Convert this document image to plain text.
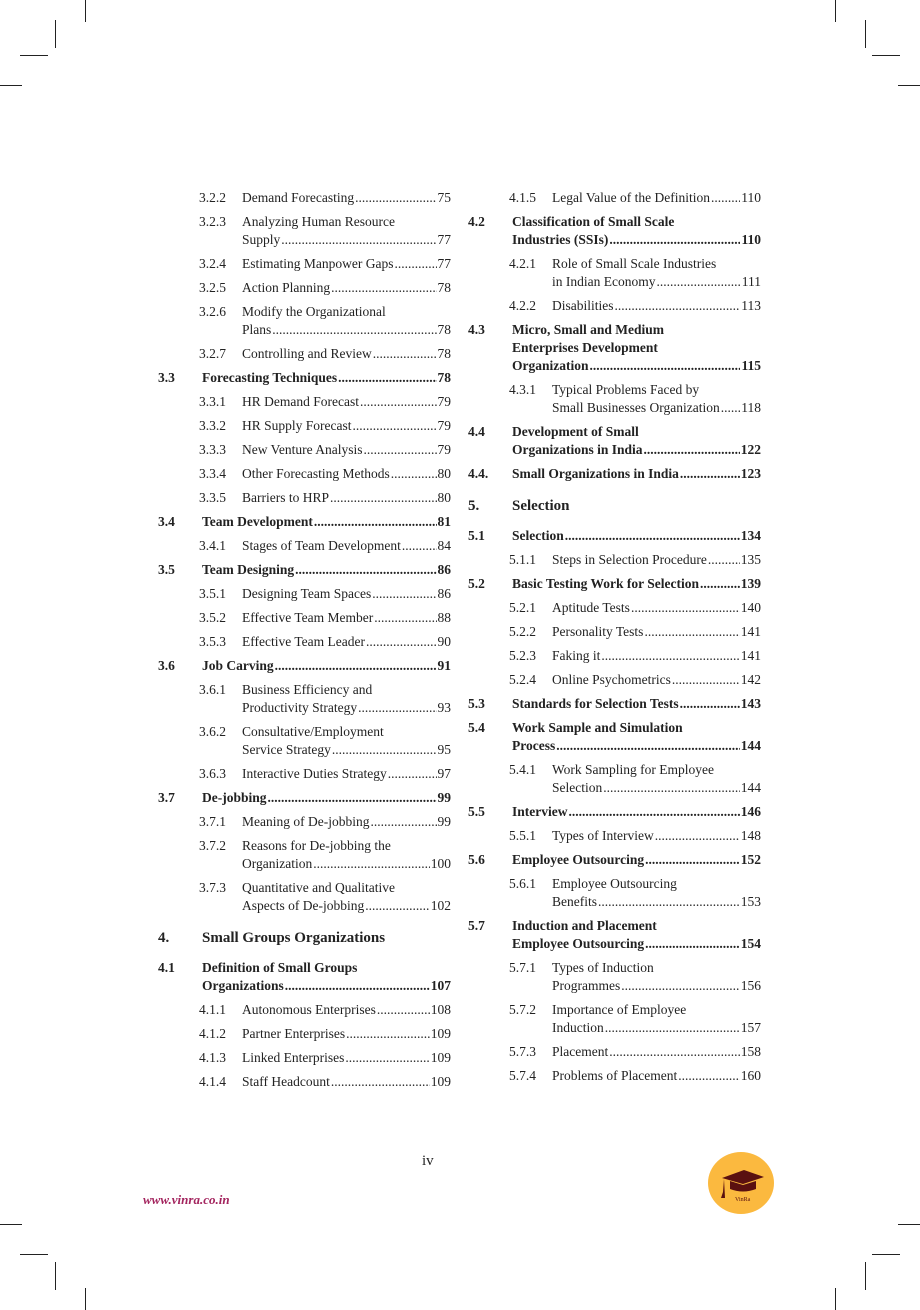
3.2.2	Demand Forecasting .....	75
3.2.3	Analyzing Human Resource
Supply .....	77
3.2.4	Estimating Manpower Gaps .....	77
3.2.5	Action Planning .....	78
3.2.6	Modify the Organizational
Plans .....	78
3.2.7	Controlling and Review .....	78
3.3	Forecasting Techniques .....	78
3.3.1	HR Demand Forecast .....	79
3.3.2	HR Supply Forecast .....	79
3.3.3	New Venture Analysis .....	79
3.3.4	Other Forecasting Methods .....	80
3.3.5	Barriers to HRP .....	80
3.4	Team Development .....	81
3.4.1	Stages of Team Development .....	84
3.5	Team Designing .....	86
3.5.1	Designing Team Spaces .....	86
3.5.2	Effective Team Member .....	88
3.5.3	Effective Team Leader .....	90
3.6	Job Carving .....	91
3.6.1	Business Efficiency and
Productivity Strategy .....	93
3.6.2	Consultative/Employment
Service Strategy .....	95
3.6.3	Interactive Duties Strategy .....	97
3.7	De-jobbing .....	99
3.7.1	Meaning of De-jobbing .....	99
3.7.2	Reasons for De-jobbing the
Organization .....	100
3.7.3	Quantitative and Qualitative
Aspects of De-jobbing .....	102
4.	Small Groups Organizations
4.1	Definition of Small Groups
Organizations .....	107
4.1.1	Autonomous Enterprises .....	108
4.1.2	Partner Enterprises .....	109
4.1.3	Linked Enterprises .....	109
4.1.4	Staff Headcount .....	109
4.1.5	Legal Value of the Definition ..... 110
4.2	Classification of Small Scale
Industries (SSIs) .....	110
4.2.1	Role of Small Scale Industries
in Indian Economy .....	111
4.2.2	Disabilities .....	113
4.3	Micro, Small and Medium
Enterprises Development
Organization .....	115
4.3.1	Typical Problems Faced by
Small Businesses Organization ..... 118
4.4	Development of Small
Organizations in India .....	122
4.4.	Small Organizations in India .....	123
5.	Selection
5.1	Selection .....	134
5.1.1	Steps in Selection Procedure .....	135
5.2	Basic Testing Work for Selection .....	139
5.2.1	Aptitude Tests .....	140
5.2.2	Personality Tests .....	141
5.2.3	Faking it .....	141
5.2.4	Online Psychometrics .....	142
5.3	Standards for Selection Tests .....	143
5.4	Work Sample and Simulation
Process .....	144
5.4.1	Work Sampling for Employee
Selection .....	144
5.5	Interview .....	146
5.5.1	Types of Interview .....	148
5.6	Employee Outsourcing .....	152
5.6.1	Employee Outsourcing
Benefits .....	153
5.7	Induction and Placement
Employee Outsourcing .....	154
5.7.1	Types of Induction
Programmes .....	156
5.7.2	Importance of Employee
Induction .....	157
5.7.3	Placement .....	158
5.7.4	Problems of Placement .....	160
iv
www.vinra.co.in	VinRa
